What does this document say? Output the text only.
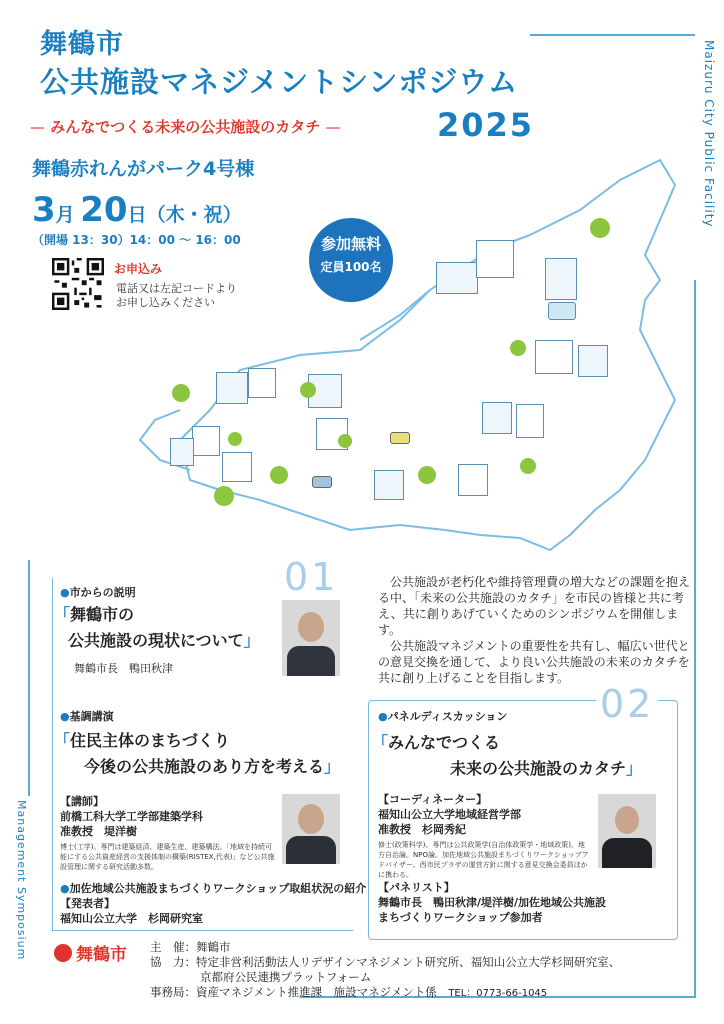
舞鶴市
公共施設マネジメントシンポジウム
— みんなでつくる未来の公共施設のカタチ —	2025	Maizuru City Public Facility
Management Symposium
舞鶴赤れんがパーク4号棟
3月 20日（木・祝）
（開場 13：30）14：00 〜 16：00	参加無料
定員100名
お申込み
電話又は左記コードより
お申し込みください
01
●市からの説明
「舞鶴市の
公共施設の現状について」
舞鶴市長　鴨田秋津
●基調講演
「住民主体のまちづくり
今後の公共施設のあり方を考える」
【講師】
前橋工科大学工学部建築学科
准教授　堤洋樹
博士(工学)。専門は建築経済、建築生産、建築構法。「地域を持続可能にする公共資産経営の支援体制の構築(RISTEX,代表)」など公共施設管理に関する研究活動多数。
●加佐地域公共施設まちづくりワークショップ取組状況の紹介
【発表者】
福知山公立大学　杉岡研究室

公共施設が老朽化や維持管理費の増大などの課題を抱える中、「未来の公共施設のカタチ」を市民の皆様と共に考え、共に創りあげていくためのシンポジウムを開催します。

公共施設マネジメントの重要性を共有し、幅広い世代との意見交換を通して、より良い公共施設の未来のカタチを共に創り上げることを目指します。

02
●パネルディスカッション
「みんなでつくる
未来の公共施設のカタチ」
【コーディネーター】
福知山公立大学地域経営学部
准教授　杉岡秀紀
修士(政策科学)。専門は公共政策学(自治体政策学・地域政策)。地方自治論。NPO論。加佐地域公共施設まちづくりワークショップアドバイザー。西市民プラザの運営方針に関する意見交換会委員ほかに携わる。
【パネリスト】
舞鶴市長　鴨田秋津/堤洋樹/加佐地域公共施設
まちづくりワークショップ参加者
舞鶴市 主　催：舞鶴市
協　力：特定非営利活動法人リデザインマネジメント研究所、福知山公立大学杉岡研究室、
京都府公民連携プラットフォーム
事務局：資産マネジメント推進課　施設マネジメント係　 TEL：0773-66-1045
